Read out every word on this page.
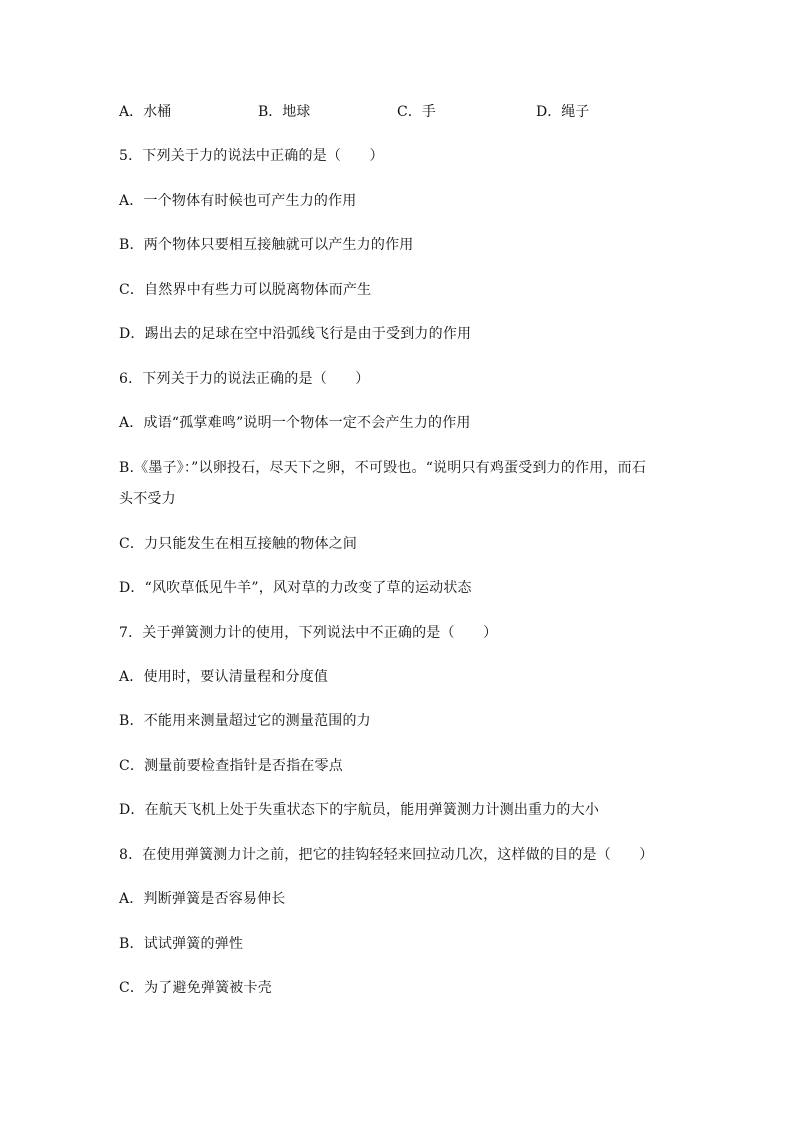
A．水桶	B．地球	C．手	D．绳子
5．下列关于力的说法中正确的是（　　）
A．一个物体有时候也可产生力的作用
B．两个物体只要相互接触就可以产生力的作用
C．自然界中有些力可以脱离物体而产生
D．踢出去的足球在空中沿弧线飞行是由于受到力的作用
6．下列关于力的说法正确的是（　　）
A．成语“孤掌难鸣”说明一个物体一定不会产生力的作用
B.《墨子》：”以卵投石，尽天下之卵，不可毁也。“说明只有鸡蛋受到力的作用，而石
头不受力
C．力只能发生在相互接触的物体之间
D．“风吹草低见牛羊”，风对草的力改变了草的运动状态
7．关于弹簧测力计的使用，下列说法中不正确的是（　　）
A．使用时，要认清量程和分度值
B．不能用来测量超过它的测量范围的力
C．测量前要检查指针是否指在零点
D．在航天飞机上处于失重状态下的宇航员，能用弹簧测力计测出重力的大小
8．在使用弹簧测力计之前，把它的挂钩轻轻来回拉动几次，这样做的目的是（　　）
A．判断弹簧是否容易伸长
B．试试弹簧的弹性
C．为了避免弹簧被卡壳
